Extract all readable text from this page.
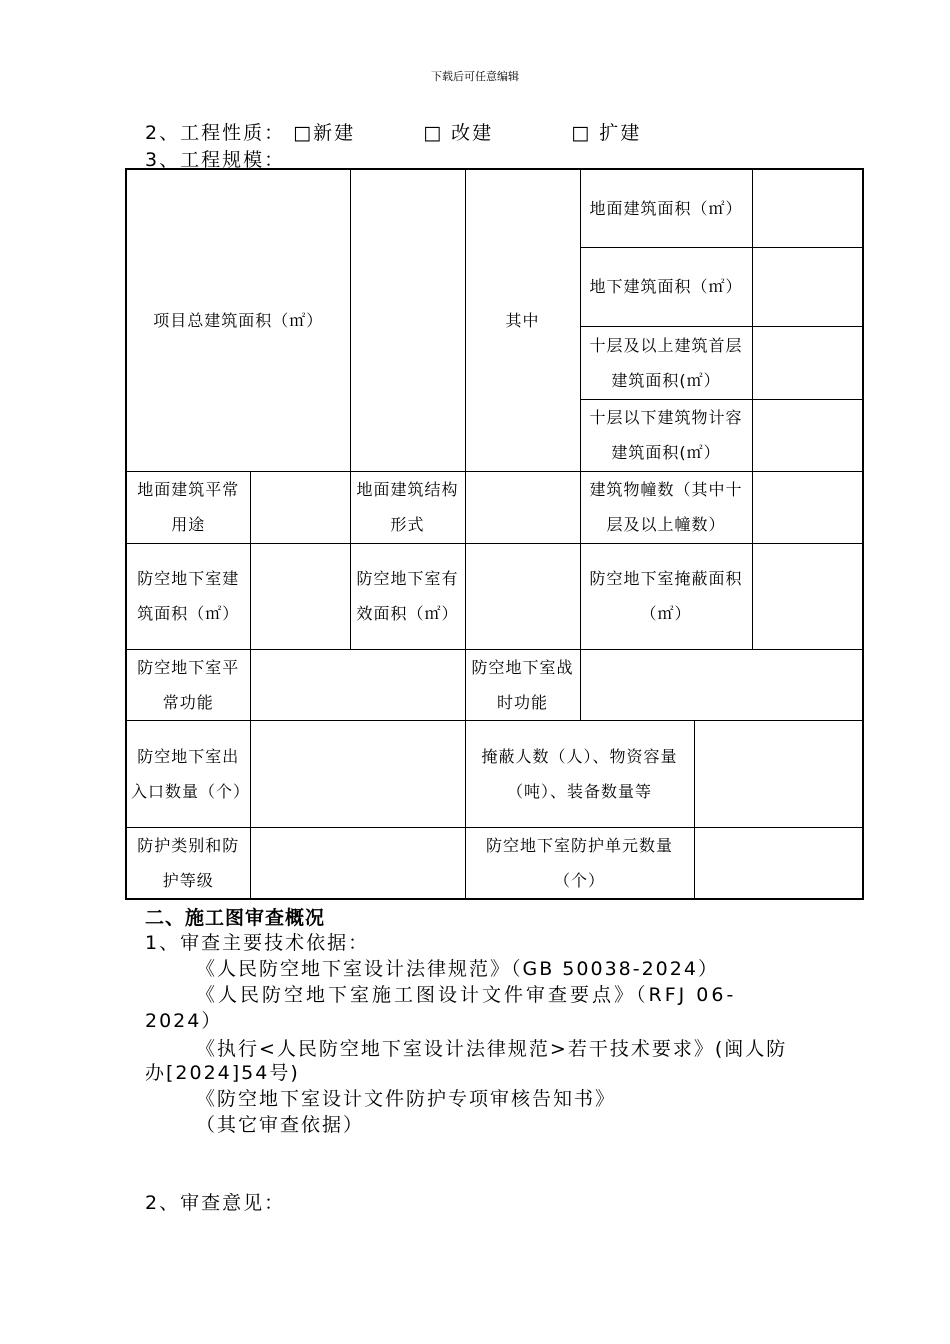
下载后可任意编辑
2、工程性质： □新建	□ 改建	□ 扩建
3、工程规模：
项目总建筑面积（㎡）			其中	地面建筑面积（㎡）		
				地下建筑面积（㎡）		
				十层及以上建筑首层建筑面积(㎡）		
				十层以下建筑物计容建筑面积(㎡）		
地面建筑平常用途		地面建筑结构形式		建筑物幢数（其中十层及以上幢数）		
防空地下室建筑面积（㎡）		防空地下室有效面积（㎡）		防空地下室掩蔽面积（㎡）		
防空地下室平常功能			防空地下室战时功能			
防空地下室出入口数量（个）			掩蔽人数（人）、物资容量（吨）、装备数量等			
防护类别和防护等级			防空地下室防护单元数量（个）			
二、施工图审查概况
1、审查主要技术依据：
《人民防空地下室设计法律规范》（GB 50038-2024）
《人民防空地下室施工图设计文件审查要点》（RFJ 06-
2024）
《执行<人民防空地下室设计法律规范>若干技术要求》(闽人防
办[2024]54号)
《防空地下室设计文件防护专项审核告知书》
（其它审查依据）
2、审查意见：
